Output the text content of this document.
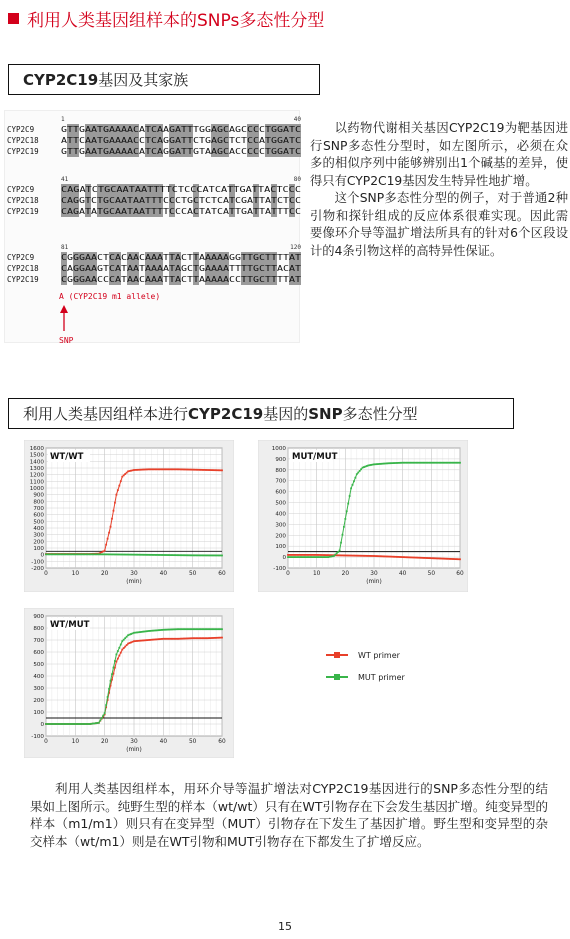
利用人类基因组样本的SNPs多态性分型
CYP2C19 基因及其家族
1	40
CYP2C9	GTTGAATGAAAACATCAAGATTTGGAGCAGCCCCTGGATC
CYP2C18	ATTCAATGAAAACCTCAGGATTCTGAGCTCTCCATGGATC
CYP2C19	GTTGAATGAAAACATCAGGATTGTAAGCACCCCCTGGATC
41	80
CYP2C9	CAGATCTGCAATAATTTTCTCCCATCATTGATTACTCCC
CYP2C18	CAGGTCTGCAATAATTTCCCTGCTCTCATCGATTATCTCC
CYP2C19	CAGATATGCAATAATTTTCCCACTATCATTGATTATTTCC
81	120
CYP2C9	CGGGAACTCACAACAAATTACTTAAAAAGGTTGCTTTTAT
CYP2C18	CAGGAAGTCATAATAAAATAGCTGAAAATTTTGCTTACAT
CYP2C19	CGGGAACCCATAACAAATTACTTAAAAACCTTGCTTTTAT
A (CYP2C19 m1 allele)
SNP

以药物代谢相关基因CYP2C19为靶基因进行SNP多态性分型时，如左图所示，必须在众多的相似序列中能够辨别出1个碱基的差异，使得只有CYP2C19基因发生特异性地扩增。

这个SNP多态性分型的例子，对于普通2种引物和探针组成的反应体系很难实现。因此需要像环介导等温扩增法所具有的针对6个区段设计的4条引物这样的高特异性保证。

利用人类基因组样本进行 CYP2C19 基因的 SNP 多态性分型
-200
-100
0
100
200
300
400
500
600
700
800
900
1000
1100
1200
1300
1400
1500
1600
0	10	20	30	40	50	60
(min)
WT/WT
-100
0
100
200
300
400
500
600
700
800
900
1000
0	10	20	30	40	50	60
(min)
MUT/MUT
-100
0
100
200
300
400
500
600
700
800
900
0	10	20	30	40	50	60
(min)
WT/MUT
WT primer
MUT primer

利用人类基因组样本，用环介导等温扩增法对CYP2C19基因进行的SNP多态性分型的结果如上图所示。纯野生型的样本（wt/wt）只有在WT引物存在下会发生基因扩增。纯变异型的样本（m1/m1）则只有在变异型（MUT）引物存在下发生了基因扩增。野生型和变异型的杂交样本（wt/m1）则是在WT引物和MUT引物存在下都发生了扩增反应。

15
